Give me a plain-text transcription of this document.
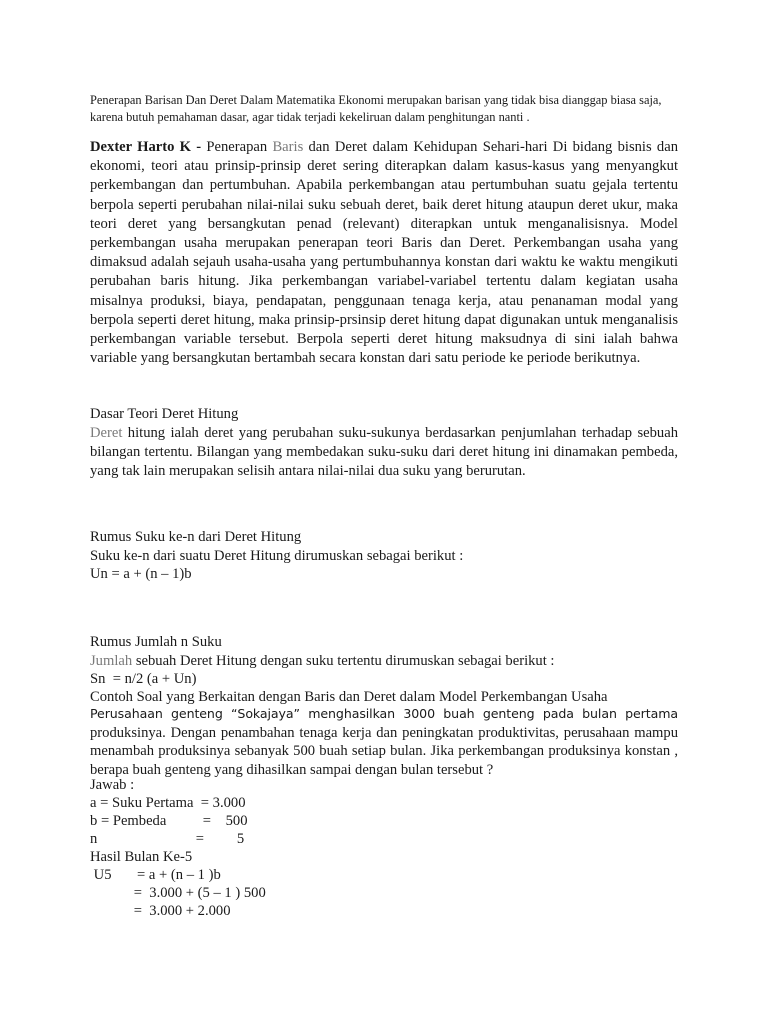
Penerapan Barisan Dan Deret Dalam Matematika Ekonomi merupakan barisan yang tidak bisa dianggap biasa saja, karena butuh pemahaman dasar, agar tidak terjadi kekeliruan dalam penghitungan nanti .
Dexter Harto K - Penerapan Baris dan Deret dalam Kehidupan Sehari-hari Di bidang bisnis dan ekonomi, teori atau prinsip-prinsip deret sering diterapkan dalam kasus-kasus yang menyangkut perkembangan dan pertumbuhan. Apabila perkembangan atau pertumbuhan suatu gejala tertentu berpola seperti perubahan nilai-nilai suku sebuah deret, baik deret hitung ataupun deret ukur, maka teori deret yang bersangkutan penad (relevant) diterapkan untuk menganalisisnya. Model perkembangan usaha merupakan penerapan teori Baris dan Deret. Perkembangan usaha yang dimaksud adalah sejauh usaha-usaha yang pertumbuhannya konstan dari waktu ke waktu mengikuti perubahan baris hitung. Jika perkembangan variabel-variabel tertentu dalam kegiatan usaha misalnya produksi, biaya, pendapatan, penggunaan tenaga kerja, atau penanaman modal yang berpola seperti deret hitung, maka prinsip-prsinsip deret hitung dapat digunakan untuk menganalisis perkembangan variable tersebut. Berpola seperti deret hitung maksudnya di sini ialah bahwa variable yang bersangkutan bertambah secara konstan dari satu periode ke periode berikutnya.
Dasar Teori Deret Hitung
Deret hitung ialah deret yang perubahan suku-sukunya berdasarkan penjumlahan terhadap sebuah bilangan tertentu. Bilangan yang membedakan suku-suku dari deret hitung ini dinamakan pembeda, yang tak lain merupakan selisih antara nilai-nilai dua suku yang berurutan.
Rumus Suku ke-n dari Deret Hitung
Suku ke-n dari suatu Deret Hitung dirumuskan sebagai berikut :
Un = a + (n – 1)b
Rumus Jumlah n Suku
Jumlah sebuah Deret Hitung dengan suku tertentu dirumuskan sebagai berikut :
Sn  = n/2 (a + Un)
Contoh Soal yang Berkaitan dengan Baris dan Deret dalam Model Perkembangan Usaha
Perusahaan genteng “Sokajaya” menghasilkan 3000 buah genteng pada bulan pertama
produksinya. Dengan penambahan tenaga kerja dan peningkatan produktivitas, perusahaan mampu menambah produksinya sebanyak 500 buah setiap bulan. Jika perkembangan produksinya konstan , berapa buah genteng yang dihasilkan sampai dengan bulan tersebut ?
Jawab :
a = Suku Pertama  = 3.000
b = Pembeda          =    500
n                           =         5
Hasil Bulan Ke-5
U5       = a + (n – 1 )b
=  3.000 + (5 – 1 ) 500
=  3.000 + 2.000
